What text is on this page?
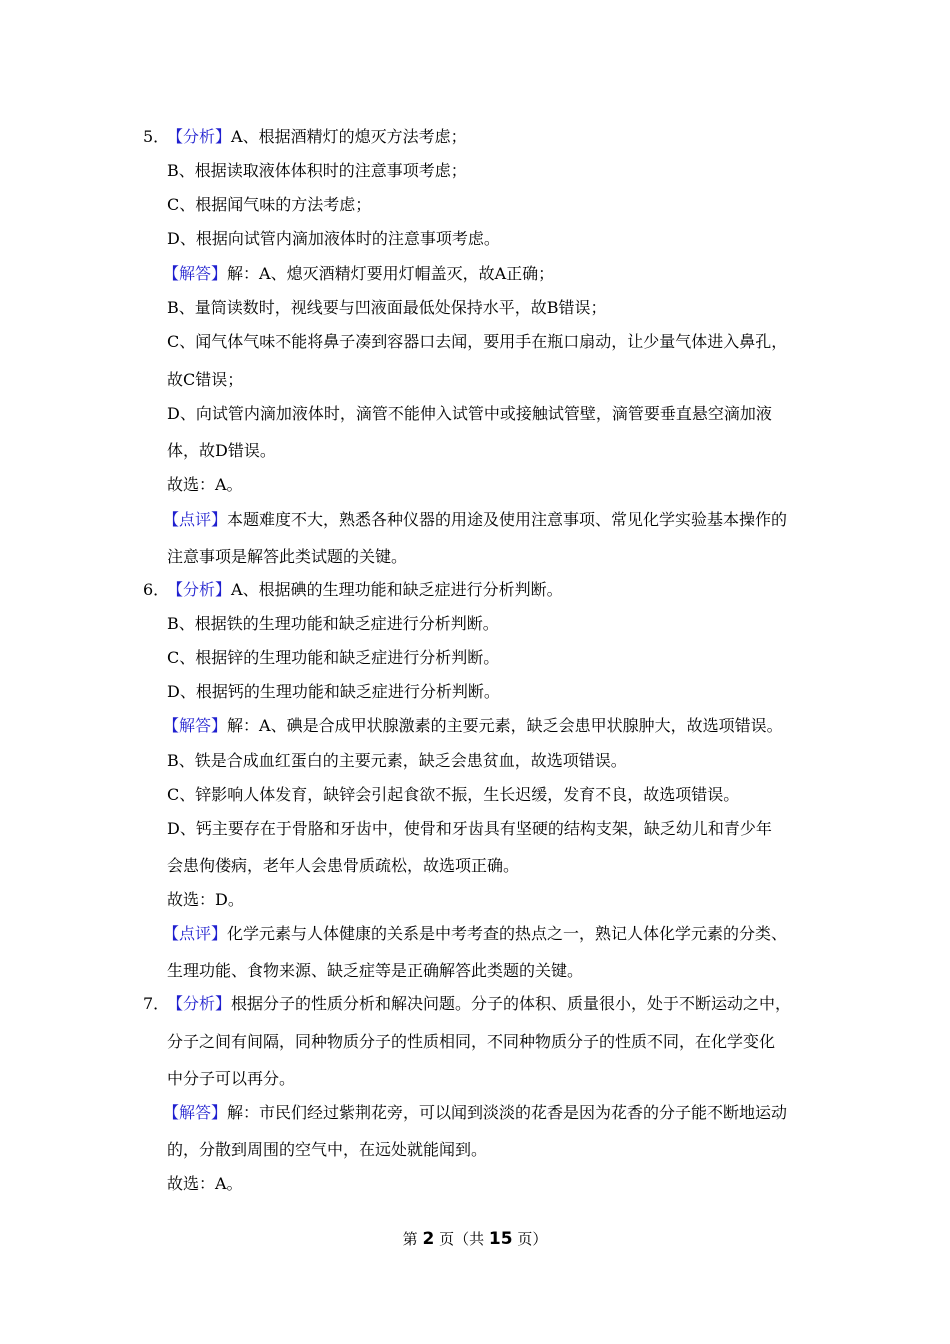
5．
【分析】A、根据酒精灯的熄灭方法考虑；
B、根据读取液体体积时的注意事项考虑；
C、根据闻气味的方法考虑；
D、根据向试管内滴加液体时的注意事项考虑。
【解答】解：A、熄灭酒精灯要用灯帽盖灭，故A正确；
B、量筒读数时，视线要与凹液面最低处保持水平，故B错误；
C、闻气体气味不能将鼻子凑到容器口去闻，要用手在瓶口扇动，让少量气体进入鼻孔，
故C错误；
D、向试管内滴加液体时，滴管不能伸入试管中或接触试管壁，滴管要垂直悬空滴加液
体，故D错误。
故选：A。
【点评】本题难度不大，熟悉各种仪器的用途及使用注意事项、常见化学实验基本操作的
注意事项是解答此类试题的关键。
6．
【分析】A、根据碘的生理功能和缺乏症进行分析判断。
B、根据铁的生理功能和缺乏症进行分析判断。
C、根据锌的生理功能和缺乏症进行分析判断。
D、根据钙的生理功能和缺乏症进行分析判断。
【解答】解：A、碘是合成甲状腺激素的主要元素，缺乏会患甲状腺肿大，故选项错误。
B、铁是合成血红蛋白的主要元素，缺乏会患贫血，故选项错误。
C、锌影响人体发育，缺锌会引起食欲不振，生长迟缓，发育不良，故选项错误。
D、钙主要存在于骨胳和牙齿中，使骨和牙齿具有坚硬的结构支架，缺乏幼儿和青少年
会患佝偻病，老年人会患骨质疏松，故选项正确。
故选：D。
【点评】化学元素与人体健康的关系是中考考查的热点之一，熟记人体化学元素的分类、
生理功能、食物来源、缺乏症等是正确解答此类题的关键。
7．
【分析】根据分子的性质分析和解决问题。分子的体积、质量很小，处于不断运动之中，
分子之间有间隔，同种物质分子的性质相同，不同种物质分子的性质不同，在化学变化
中分子可以再分。
【解答】解：市民们经过紫荆花旁，可以闻到淡淡的花香是因为花香的分子能不断地运动
的，分散到周围的空气中，在远处就能闻到。
故选：A。
第 2 页（共 15 页）
